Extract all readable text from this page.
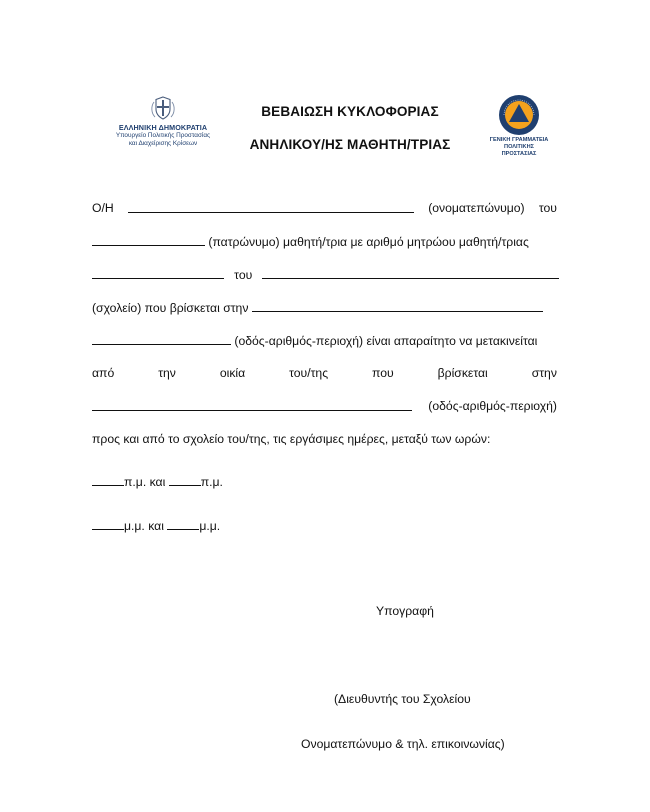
ΕΛΛΗΝΙΚΗ ΔΗΜΟΚΡΑΤΙΑ
Υπουργείο Πολιτικής Προστασίας
και Διαχείρισης Κρίσεων
ΒΕΒΑΙΩΣΗ ΚΥΚΛΟΦΟΡΙΑΣ
ΑΝΗΛΙΚΟΥ/ΗΣ ΜΑΘΗΤΗ/ΤΡΙΑΣ	ΓΕΝΙΚΗ ΓΡΑΜΜΑΤΕΙΑ
ΠΟΛΙΤΙΚΗΣ ΠΡΟΣΤΑΣΙΑΣ
Ο/Η	(ονοματεπώνυμο) του
(πατρώνυμο) μαθητή/τρια με αριθμό μητρώου μαθητή/τριας
του
(σχολείο) που βρίσκεται στην
(οδός-αριθμός-περιοχή) είναι απαραίτητο να μετακινείται
από	την	οικία	του/της	που	βρίσκεται	στην
(οδός-αριθμός-περιοχή)
προς και από το σχολείο του/της, τις εργάσιμες ημέρες, μεταξύ των ωρών:
π.μ. και	π.μ.
μ.μ. και	μ.μ.
Υπογραφή
(Διευθυντής του Σχολείου
Ονοματεπώνυμο & τηλ. επικοινωνίας)
